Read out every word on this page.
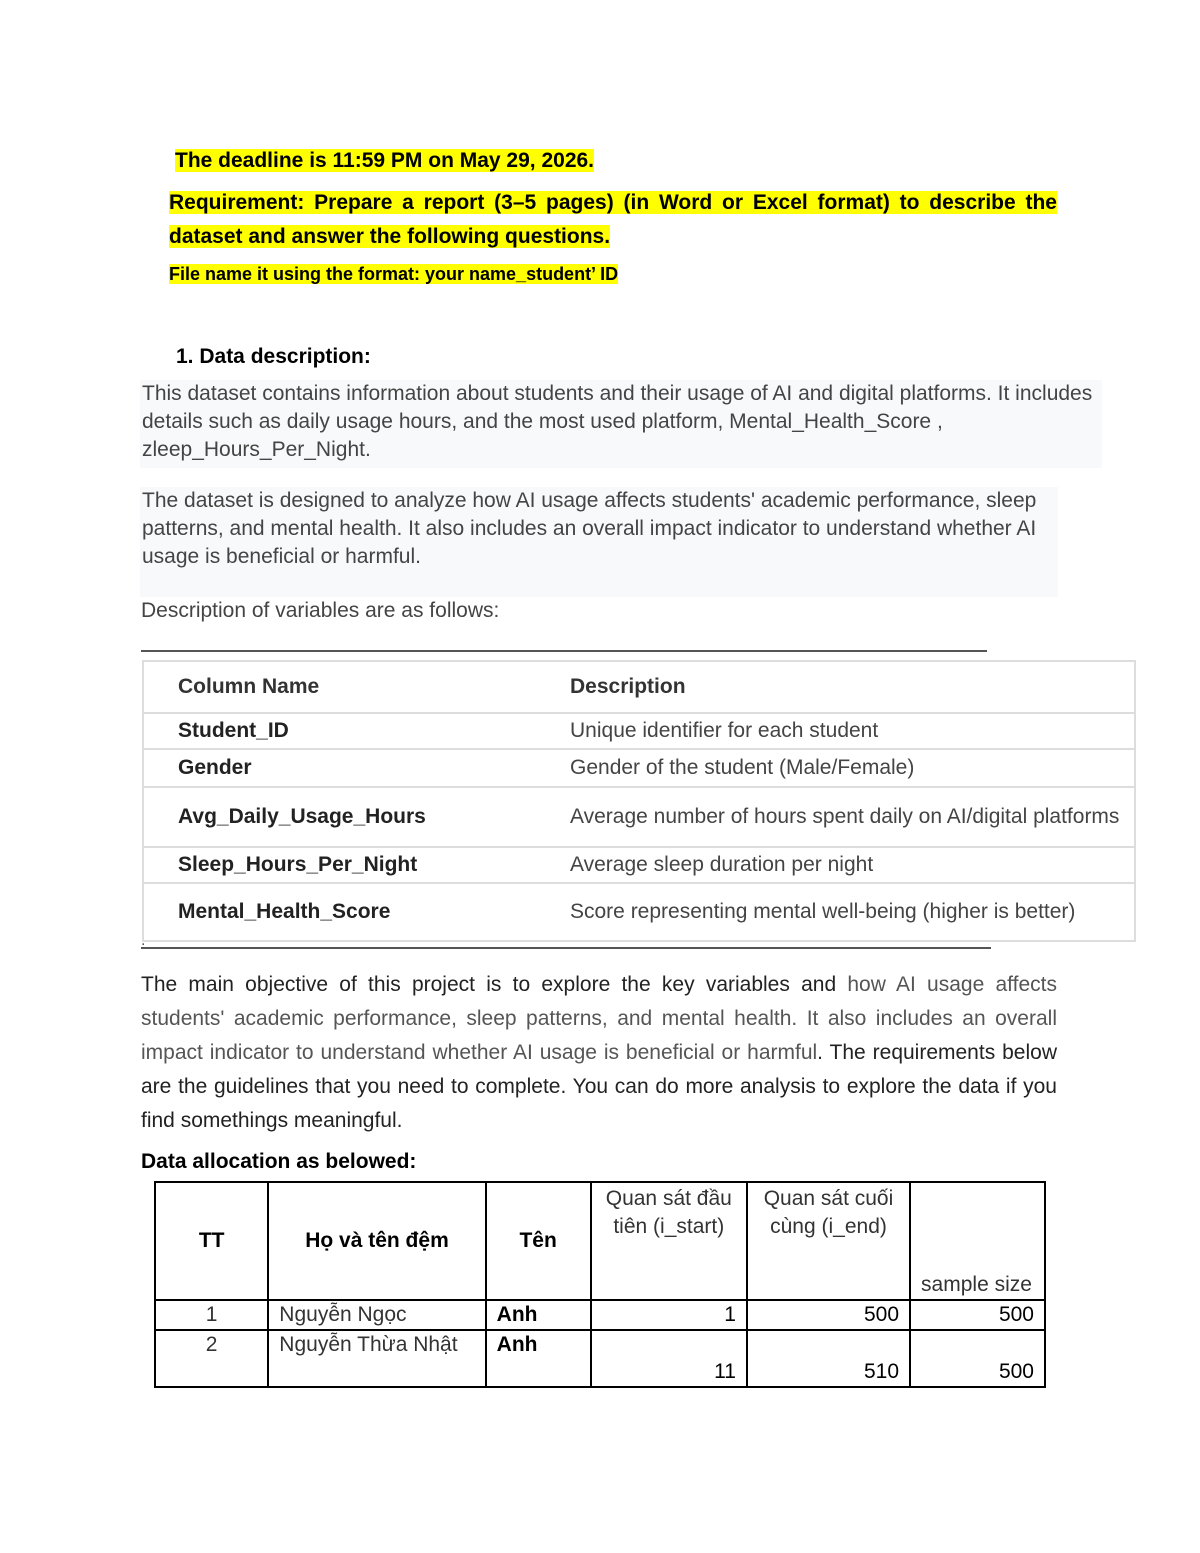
The deadline is 11:59 PM on May 29, 2026.

Requirement: Prepare a report (3–5 pages) (in Word or Excel format) to describe the dataset and answer the following questions.

File name it using the format: your name_student’ ID

1. Data description:

This dataset contains information about students and their usage of AI and digital platforms. It includes details such as daily usage hours, and the most used platform, Mental_Health_Score , zleep_Hours_Per_Night.
The dataset is designed to analyze how AI usage affects students' academic performance, sleep patterns, and mental health. It also includes an overall impact indicator to understand whether AI usage is beneficial or harmful.

Description of variables are as follows:

Column Name	Description

Student_ID	Unique identifier for each student

Gender	Gender of the student (Male/Female)

Avg_Daily_Usage_Hours	Average number of hours spent daily on AI/digital platforms

Sleep_Hours_Per_Night	Average sleep duration per night

Mental_Health_Score	Score representing mental well-being (higher is better)
.

The main objective of this project is to explore the key variables and how AI usage affects students' academic performance, sleep patterns, and mental health. It also includes an overall impact indicator to understand whether AI usage is beneficial or harmful. The requirements below are the guidelines that you need to complete. You can do more analysis to explore the data if you find somethings meaningful.

Data allocation as belowed:

TT	Họ và tên đệm	Tên	Quan sát đầu tiên (i_start)	Quan sát cuối cùng (i_end)	sample size
1	Nguyễn Ngọc	Anh	1	500	500
2	Nguyễn Thừa Nhật	Anh	11	510	500
